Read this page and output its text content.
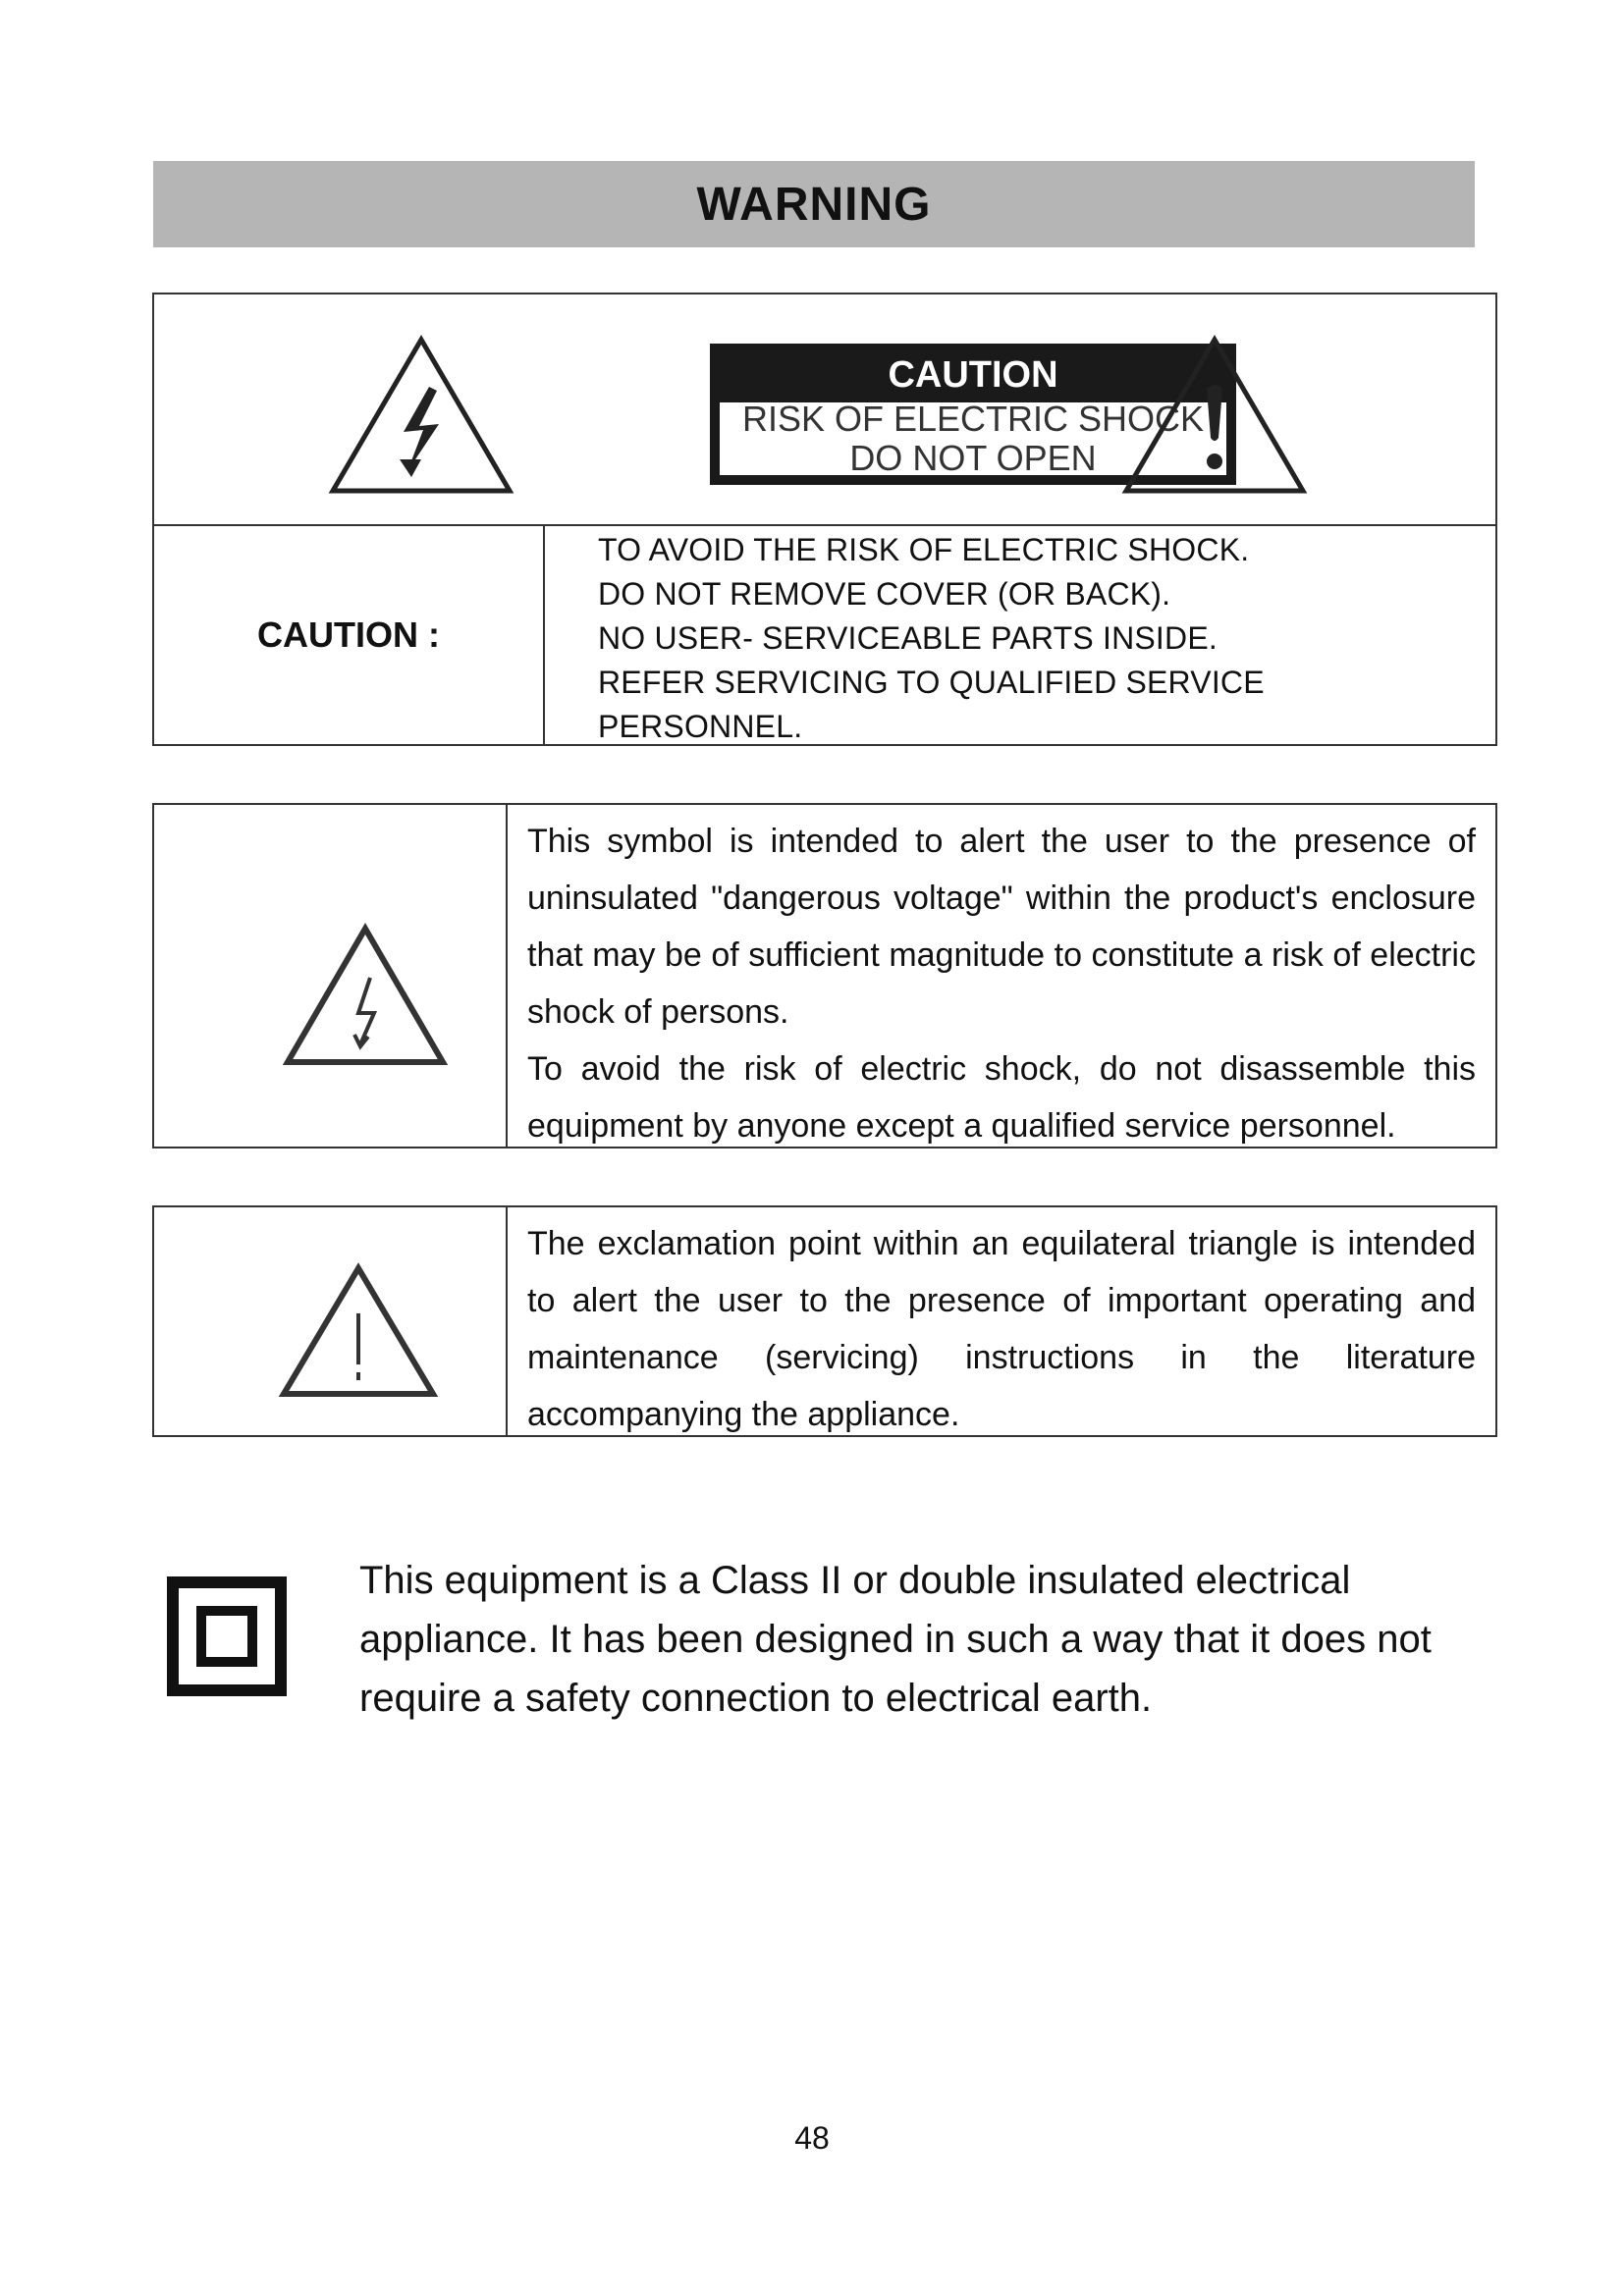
WARNING
CAUTION
RISK OF ELECTRIC SHOCK
DO NOT OPEN
CAUTION :
TO AVOID THE RISK OF ELECTRIC SHOCK.
DO NOT REMOVE COVER (OR BACK).
NO USER- SERVICEABLE PARTS INSIDE.
REFER SERVICING TO QUALIFIED SERVICE
PERSONNEL.

This symbol is intended to alert the user to the presence of uninsulated "dangerous voltage" within the product's enclosure that may be of sufficient magnitude to constitute a risk of electric shock of persons.

To avoid the risk of electric shock, do not disassemble this equipment by anyone except a qualified service personnel.

The exclamation point within an equilateral triangle is intended to alert the user to the presence of important operating and maintenance (servicing) instructions in the literature accompanying the appliance.

This equipment is a Class II or double insulated electrical appliance. It has been designed in such a way that it does not require a safety connection to electrical earth.

48
